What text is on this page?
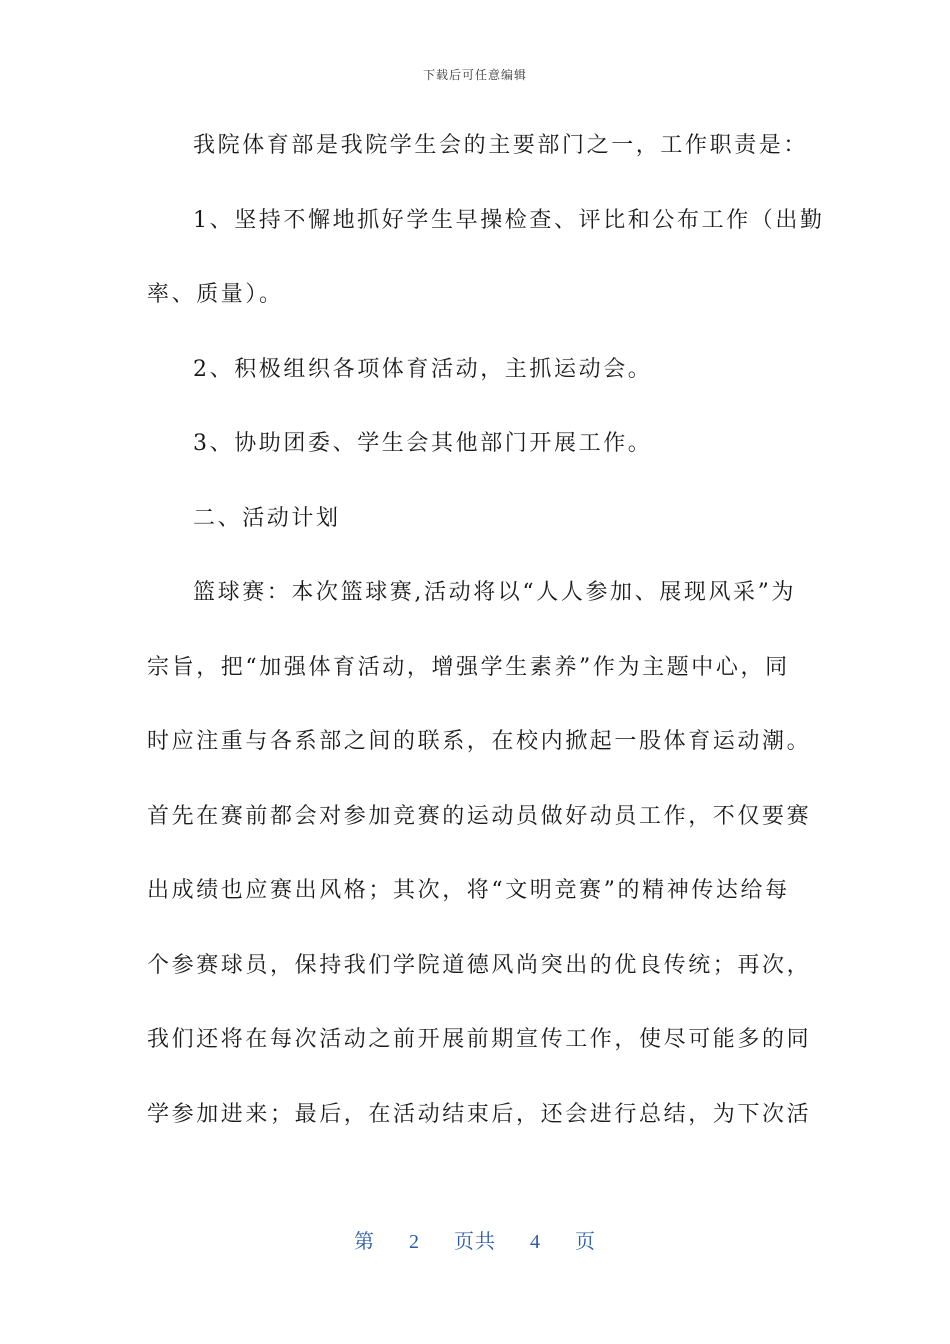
下载后可任意编辑
我院体育部是我院学生会的主要部门之一，工作职责是：
1、坚持不懈地抓好学生早操检查、评比和公布工作（出勤
率、质量）。
2、积极组织各项体育活动，主抓运动会。
3、协助团委、学生会其他部门开展工作。
二、活动计划
篮球赛：本次篮球赛,活动将以“人人参加、展现风采”为
宗旨，把“加强体育活动，增强学生素养”作为主题中心，同
时应注重与各系部之间的联系，在校内掀起一股体育运动潮。
首先在赛前都会对参加竞赛的运动员做好动员工作，不仅要赛
出成绩也应赛出风格；其次，将“文明竞赛”的精神传达给每
个参赛球员，保持我们学院道德风尚突出的优良传统；再次，
我们还将在每次活动之前开展前期宣传工作，使尽可能多的同
学参加进来；最后，在活动结束后，还会进行总结，为下次活
第 2 页共 4 页
